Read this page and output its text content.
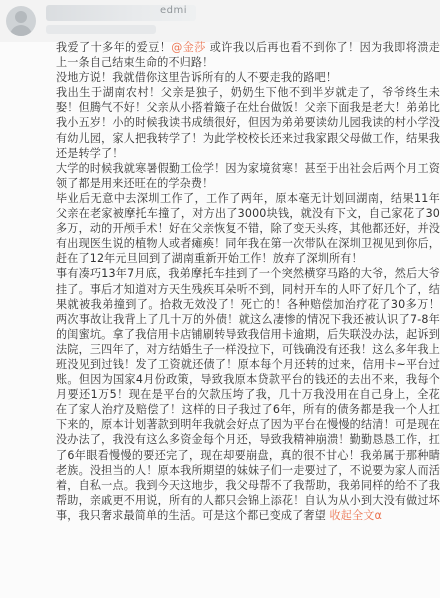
edmi
我爱了十多年的爱豆！@金莎 或许我以后再也看不到你了！因为我即将溃走上一条自己结束生命的不归路！
没地方说！我就借你这里告诉所有的人不要走我的路吧！
我出生于湖南农村！父亲是独子，奶奶生下他不到半岁就走了，爷爷终生未娶！但腾气不好！父亲从小搭着簸子在灶台做饭！父亲下面我是老大！弟弟比我小五岁！小的时候我读书成绩很好，但因为弟弟要读幼儿园我读的村小学没有幼儿园，家人把我转学了！为此学校校长还来过我家跟父母做工作，结果我还是转学了！
大学的时候我就寒暑假勤工俭学！因为家境贫寒！甚至于出社会后两个月工资领了都是用来还旺在的学杂费！
毕业后无意中去深圳工作了，工作了两年，原本毫无计划回湖南，结果11年父亲在老家被摩托车撞了，对方出了3000块钱，就没有下文，自己家花了30多万，动的开颅手术！好在父亲恢复不错，除了变天头疼，其他都还好，并没有出现医生说的植物人或者瘫痪！同年我在第一次带队在深圳卫视见到你后，赶在了12年元旦回到了湖南重新开始工作！放弃了深圳所有！
事有凑巧13年7月底，我弟摩托车挂到了一个突然横穿马路的大爷，然后大爷挂了。事后才知道对方天生残疾耳朵听不到，同村开车的人吓了好几个了，结果就被我弟撞到了。拾救无效没了！死亡的！各种赔偿加治疗花了30多万！两次事故让我背上了几十万的外债！就这么凄惨的情况下我还被认识了7-8年的闺蜜坑。拿了我信用卡店铺刷转导致我信用卡逾期，后失联没办法，起诉到法院，三四年了，对方结婚生子一样没拉下，可钱确没有还我！这么多年我上班没见到过钱！发了工资就还债了！原本每个月还转的过来，信用卡~平台过账。但因为国家4月份政策，导致我原本贷款平台的钱还的去出不来，我每个月要还1万5！现在是平台的欠款压垮了我，几十万我没用在自己身上，全花在了家人治疗及赔偿了！这样的日子我过了6年，所有的债务都是我一个人扛下来的，原本计划著款到明年我就会好点了因为平台在慢慢的结清！可是现在没办法了，我没有这么多资金每个月还，导致我精神崩溃！勤勤恳恳工作，扛了6年眼看慢慢的要还完了，现在却要崩盘，真的很不甘心！我弟属于那种睛老族。没担当的人！原本我所期望的妹妹子们一走要过了，不说要为家人而活着，自私一点。我到今天这地步，我父母帮不了我帮助，我弟同样的给不了我帮助，亲戚更不用说，所有的人都只会锦上添花！自认为从小到大没有做过坏事，我只奢求最简单的生活。可是这个都已变成了奢望 收起全文α
